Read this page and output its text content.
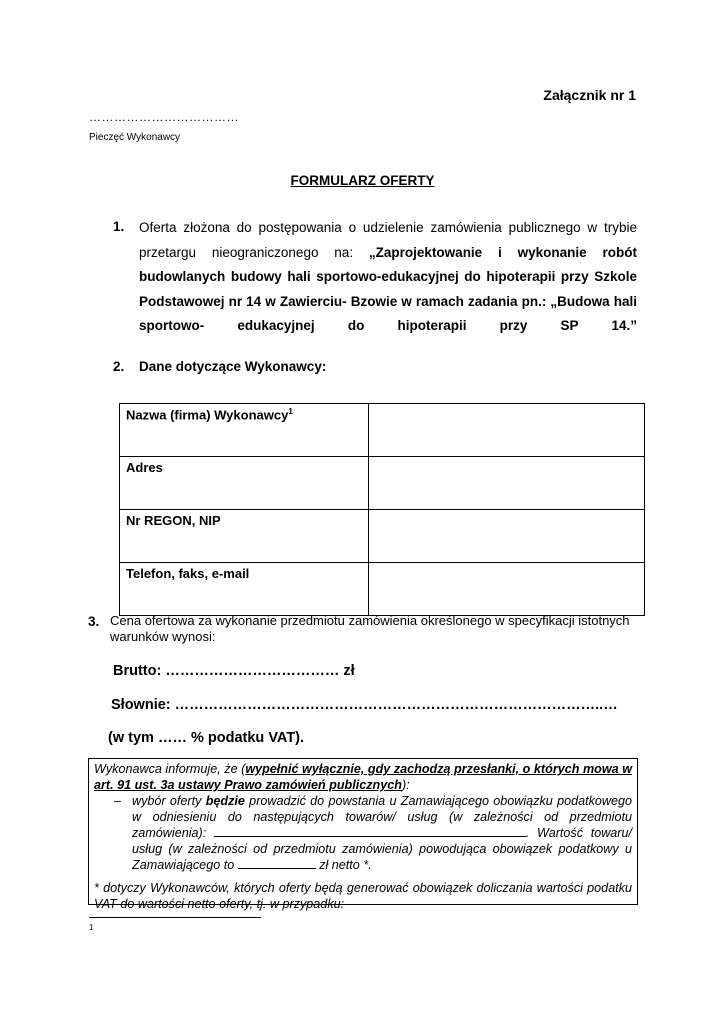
Załącznik nr 1
………………………………
Pieczęć Wykonawcy
FORMULARZ OFERTY
1. Oferta złożona do postępowania o udzielenie zamówienia publicznego w trybie przetargu nieograniczonego na: „Zaprojektowanie i wykonanie robót budowlanych budowy hali sportowo-edukacyjnej do hipoterapii przy Szkole Podstawowej nr 14 w Zawierciu- Bzowie w ramach zadania pn.: „Budowa hali sportowo- edukacyjnej do hipoterapii przy SP 14.”
2. Dane dotyczące Wykonawcy:
Nazwa (firma) Wykonawcy$^1$	
Adres	
Nr REGON, NIP	
Telefon, faks, e-mail	
3. Cena ofertowa za wykonanie przedmiotu zamówienia określonego w specyfikacji istotnych warunków wynosi:
Brutto: ……………………………… zł
Słownie: ……………………………………………………………………………..…
(w tym …… % podatku VAT).

Wykonawca informuje, że (wypełnić wyłącznie, gdy zachodzą przesłanki, o których mowa w art. 91 ust. 3a ustawy Prawo zamówień publicznych):

– wybór oferty będzie prowadzić do powstania u Zamawiającego obowiązku podatkowego w odniesieniu do następujących towarów/ usług (w zależności od przedmiotu zamówienia):	. Wartość towaru/ usług (w zależności od przedmiotu zamówienia) powodująca obowiązek podatkowy u Zamawiającego to	zł netto *.

* dotyczy Wykonawców, których oferty będą generować obowiązek doliczania wartości podatku VAT do wartości netto oferty, tj. w przypadku:

1
